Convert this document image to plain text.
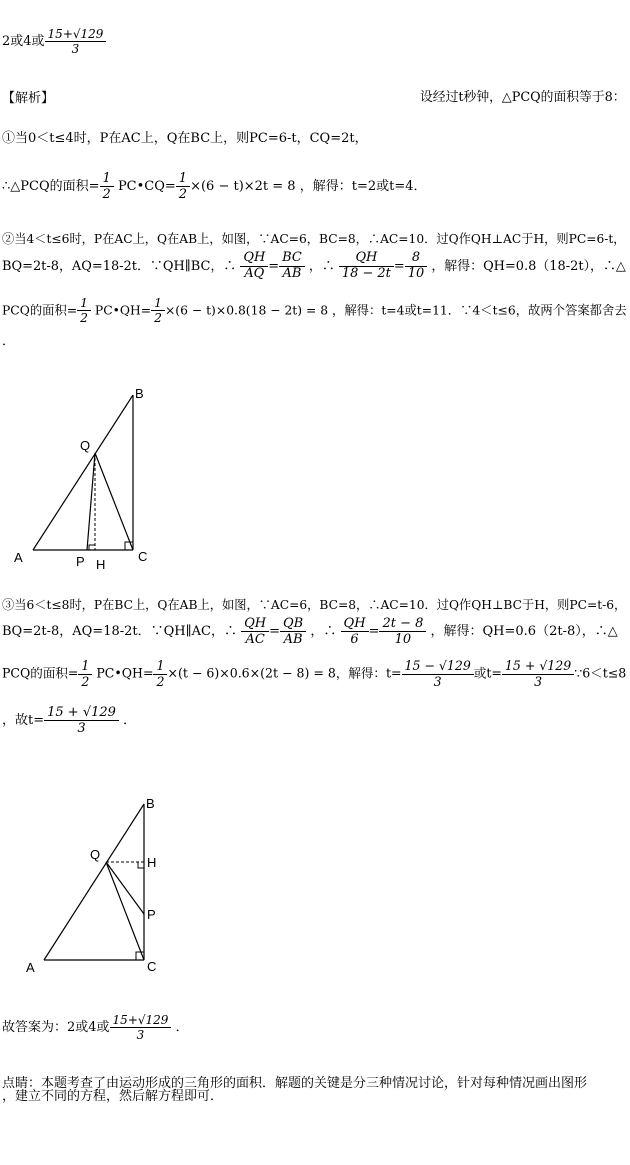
2或4或 $\frac{15+√129}{3}$
【解析】	设经过t秒钟，△PCQ的面积等于8：
①当0＜t≤4时，P在AC上，Q在BC上，则PC=6-t，CQ=2t，
∴△PCQ的面积= $\frac{1}{2}$ PC•CQ= $\frac{1}{2} \times(6 - t)\times 2t = 8$ ，解得：t=2或t=4．
②当4＜t≤6时，P在AC上，Q在AB上，如图，∵AC=6，BC=8，∴AC=10．过Q作QH⊥AC于H，则PC=6-t，
BQ=2t-8，AQ=18-2t．∵QH∥BC，∴ $\frac{QH}{AQ} = \frac{BC}{AB}$ ，∴ $\frac{QH}{18 - 2t} = \frac{8}{10}$ ，解得：QH=0.8（18-2t），∴△
PCQ的面积= $\frac{1}{2}$ PC•QH= $\frac{1}{2} \times(6 - t)\times 0.8(18 - 2t) = 8$ ，解得：t=4或t=11．∵4＜t≤6，故两个答案都舍去
．
A
B
C
Q
P H
③当6＜t≤8时，P在BC上，Q在AB上，如图，∵AC=6，BC=8，∴AC=10．过Q作QH⊥BC于H，则PC=t-6，
BQ=2t-8，AQ=18-2t．∵QH∥AC，∴ $\frac{QH}{AC} = \frac{QB}{AB}$ ，∴ $\frac{QH}{6} = \frac{2t - 8}{10}$ ，解得：QH=0.6（2t-8），∴△
PCQ的面积= $\frac{1}{2}$ PC•QH= $\frac{1}{2} \times(t - 6)\times 0.6\times(2t - 8) = 8$，解得：$t= \frac{15 - √129}{3}$ 或$t= \frac{15 + √129}{3}$ ∵6＜t≤8
，故$t= \frac{15 + √129}{3}$ ．
A
B
C
Q
P
H
故答案为：2或4或 $\frac{15+√129}{3}$ ．
点睛：本题考查了由运动形成的三角形的面积．解题的关键是分三种情况讨论，针对每种情况画出图形
，建立不同的方程，然后解方程即可．
